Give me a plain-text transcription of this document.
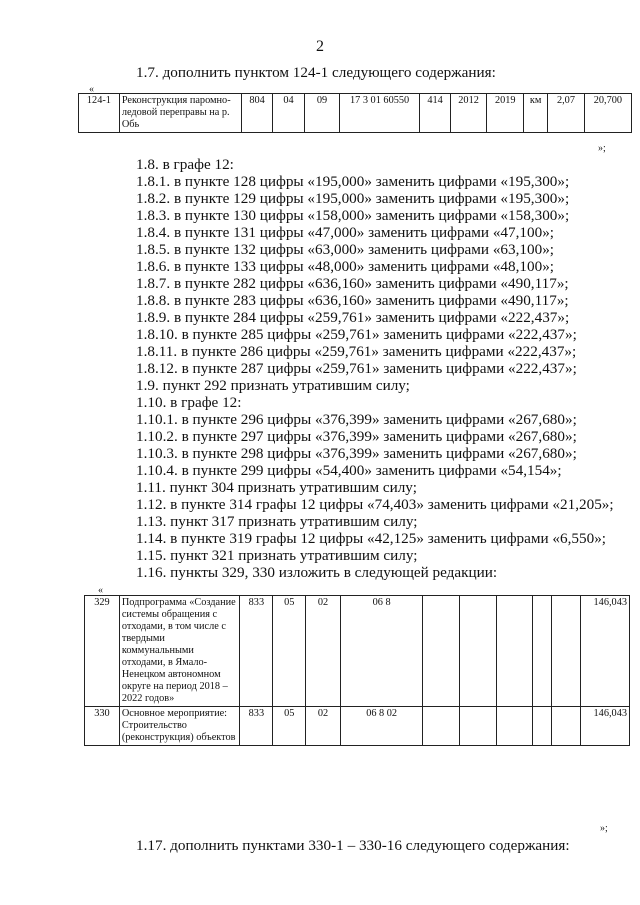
2
1.7. дополнить пунктом 124-1 следующего содержания:
«
124-1	Реконструкция паромно-ледовой переправы на р. Обь	804	04	09	17 3 01 60550	414	2012	2019	км	2,07	20,700
»;
1.8. в графе 12:
1.8.1. в пункте 128 цифры «195,000» заменить цифрами «195,300»;
1.8.2. в пункте 129 цифры «195,000» заменить цифрами «195,300»;
1.8.3. в пункте 130 цифры «158,000» заменить цифрами «158,300»;
1.8.4. в пункте 131 цифры «47,000» заменить цифрами «47,100»;
1.8.5. в пункте 132 цифры «63,000» заменить цифрами «63,100»;
1.8.6. в пункте 133 цифры «48,000» заменить цифрами «48,100»;
1.8.7. в пункте 282 цифры «636,160» заменить цифрами «490,117»;
1.8.8. в пункте 283 цифры «636,160» заменить цифрами «490,117»;
1.8.9. в пункте 284 цифры «259,761» заменить цифрами «222,437»;
1.8.10. в пункте 285 цифры «259,761» заменить цифрами «222,437»;
1.8.11. в пункте 286 цифры «259,761» заменить цифрами «222,437»;
1.8.12. в пункте 287 цифры «259,761» заменить цифрами «222,437»;
1.9. пункт 292 признать утратившим силу;
1.10. в графе 12:
1.10.1. в пункте 296 цифры «376,399» заменить цифрами «267,680»;
1.10.2. в пункте 297 цифры «376,399» заменить цифрами «267,680»;
1.10.3. в пункте 298 цифры «376,399» заменить цифрами «267,680»;
1.10.4. в пункте 299 цифры «54,400» заменить цифрами «54,154»;
1.11. пункт 304 признать утратившим силу;
1.12. в пункте 314 графы 12 цифры «74,403» заменить цифрами «21,205»;
1.13. пункт 317 признать утратившим силу;
1.14. в пункте 319 графы 12 цифры «42,125» заменить цифрами «6,550»;
1.15. пункт 321 признать утратившим силу;
1.16. пункты 329, 330 изложить в следующей редакции:
«
329	Подпрограмма «Создание системы обращения с отходами, в том числе с твердыми коммунальными отходами, в Ямало-Ненецком автономном округе на период 2018 – 2022 годов»	833	05	02	06 8						146,043
330	Основное мероприятие: Строительство (реконструкция) объектов	833	05	02	06 8 02						146,043
»;
1.17. дополнить пунктами 330-1 – 330-16 следующего содержания:
